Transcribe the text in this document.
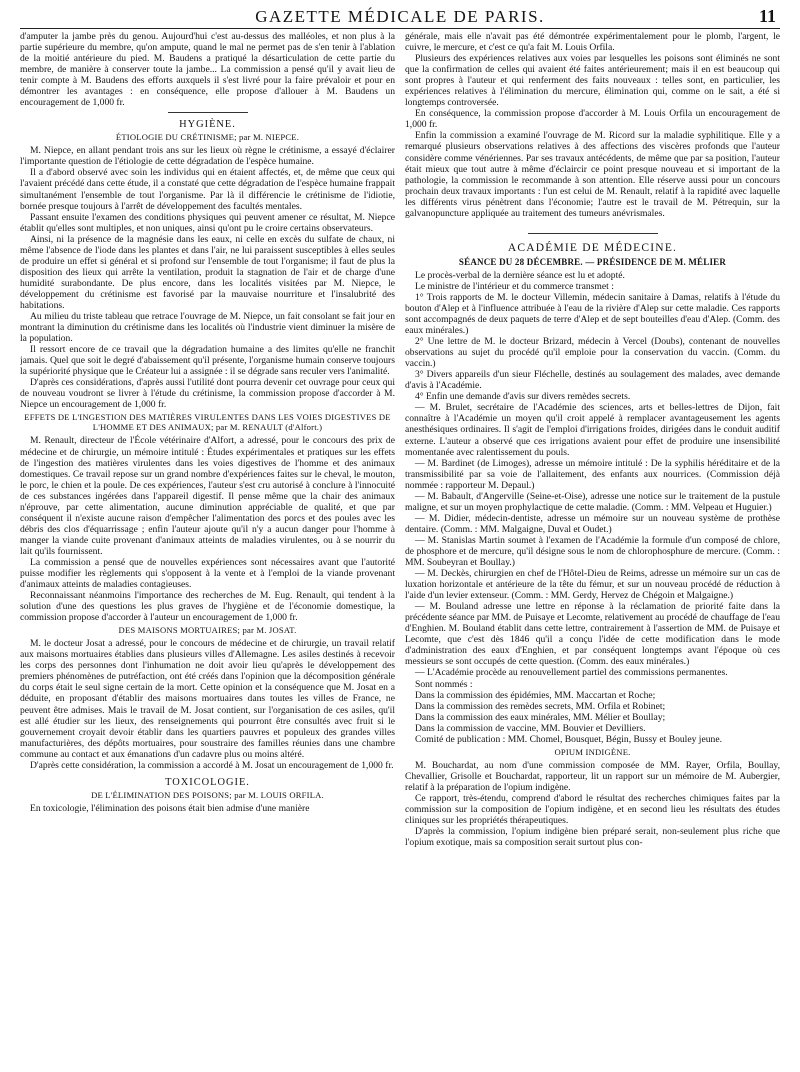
GAZETTE MÉDICALE DE PARIS.	11

d'amputer la jambe près du genou. Aujourd'hui c'est au-dessus des malléoles, et non plus à la partie supérieure du membre, qu'on ampute, quand le mal ne permet pas de s'en tenir à l'ablation de la moitié antérieure du pied. M. Baudens a pratiqué la désarticulation de cette partie du membre, de manière à conserver toute la jambe... La commission a pensé qu'il y avait lieu de tenir compte à M. Baudens des efforts auxquels il s'est livré pour la faire prévaloir et pour en démontrer les avantages : en conséquence, elle propose d'allouer à M. Baudens un encouragement de 1,000 fr.

HYGIÈNE.
ÉTIOLOGIE DU CRÉTINISME; par M. NIEPCE.

M. Niepce, en allant pendant trois ans sur les lieux où règne le crétinisme, a essayé d'éclairer l'importante question de l'étiologie de cette dégradation de l'espèce humaine.

Il a d'abord observé avec soin les individus qui en étaient affectés, et, de même que ceux qui l'avaient précédé dans cette étude, il a constaté que cette dégradation de l'espèce humaine frappait simultanément l'ensemble de tout l'organisme. Par là il différencie le crétinisme de l'idiotie, bornée presque toujours à l'arrêt de développement des facultés mentales.

Passant ensuite l'examen des conditions physiques qui peuvent amener ce résultat, M. Niepce établit qu'elles sont multiples, et non uniques, ainsi qu'ont pu le croire certains observateurs.

Ainsi, ni la présence de la magnésie dans les eaux, ni celle en excès du sulfate de chaux, ni même l'absence de l'iode dans les plantes et dans l'air, ne lui paraissent susceptibles à elles seules de produire un effet si général et si profond sur l'ensemble de tout l'organisme; il faut de plus la disposition des lieux qui arrête la ventilation, produit la stagnation de l'air et de charge d'une humidité surabondante. De plus encore, dans les localités visitées par M. Niepce, le développement du crétinisme est favorisé par la mauvaise nourriture et l'insalubrité des habitations.

Au milieu du triste tableau que retrace l'ouvrage de M. Niepce, un fait consolant se fait jour en montrant la diminution du crétinisme dans les localités où l'industrie vient diminuer la misère de la population.

Il ressort encore de ce travail que la dégradation humaine a des limites qu'elle ne franchit jamais. Quel que soit le degré d'abaissement qu'il présente, l'organisme humain conserve toujours la supériorité physique que le Créateur lui a assignée : il se dégrade sans reculer vers l'animalité.

D'après ces considérations, d'après aussi l'utilité dont pourra devenir cet ouvrage pour ceux qui de nouveau voudront se livrer à l'étude du crétinisme, la commission propose d'accorder à M. Niepce un encouragement de 1,000 fr.

EFFETS DE L'INGESTION DES MATIÈRES VIRULENTES DANS LES VOIES DIGESTIVES DE L'HOMME ET DES ANIMAUX; par M. RENAULT (d'Alfort.)

M. Renault, directeur de l'École vétérinaire d'Alfort, a adressé, pour le concours des prix de médecine et de chirurgie, un mémoire intitulé : Études expérimentales et pratiques sur les effets de l'ingestion des matières virulentes dans les voies digestives de l'homme et des animaux domestiques. Ce travail repose sur un grand nombre d'expériences faites sur le cheval, le mouton, le porc, le chien et la poule. De ces expériences, l'auteur s'est cru autorisé à conclure à l'innocuité de ces substances ingérées dans l'appareil digestif. Il pense même que la chair des animaux n'éprouve, par cette alimentation, aucune diminution appréciable de qualité, et que par conséquent il n'existe aucune raison d'empêcher l'alimentation des porcs et des poules avec les débris des clos d'équarrissage ; enfin l'auteur ajoute qu'il n'y a aucun danger pour l'homme à manger la viande cuite provenant d'animaux atteints de maladies virulentes, ou à se nourrir du lait qu'ils fournissent.

La commission a pensé que de nouvelles expériences sont nécessaires avant que l'autorité puisse modifier les règlements qui s'opposent à la vente et à l'emploi de la viande provenant d'animaux atteints de maladies contagieuses.

Reconnaissant néanmoins l'importance des recherches de M. Eug. Renault, qui tendent à la solution d'une des questions les plus graves de l'hygiène et de l'économie domestique, la commission propose d'accorder à l'auteur un encouragement de 1,000 fr.

DES MAISONS MORTUAIRES; par M. JOSAT.

M. le docteur Josat a adressé, pour le concours de médecine et de chirurgie, un travail relatif aux maisons mortuaires établies dans plusieurs villes d'Allemagne. Les asiles destinés à recevoir les corps des personnes dont l'inhumation ne doit avoir lieu qu'après le développement des premiers phénomènes de putréfaction, ont été créés dans l'opinion que la décomposition générale du corps était le seul signe certain de la mort. Cette opinion et la conséquence que M. Josat en a déduite, en proposant d'établir des maisons mortuaires dans toutes les villes de France, ne peuvent être admises. Mais le travail de M. Josat contient, sur l'organisation de ces asiles, qu'il est allé étudier sur les lieux, des renseignements qui pourront être consultés avec fruit si le gouvernement croyait devoir établir dans les quartiers pauvres et populeux des grandes villes manufacturières, des dépôts mortuaires, pour soustraire des familles réunies dans une chambre commune au contact et aux émanations d'un cadavre plus ou moins altéré.

D'après cette considération, la commission a accordé à M. Josat un encouragement de 1,000 fr.

TOXICOLOGIE.
DE L'ÉLIMINATION DES POISONS; par M. LOUIS ORFILA.

En toxicologie, l'élimination des poisons était bien admise d'une manière

générale, mais elle n'avait pas été démontrée expérimentalement pour le plomb, l'argent, le cuivre, le mercure, et c'est ce qu'a fait M. Louis Orfila.

Plusieurs des expériences relatives aux voies par lesquelles les poisons sont éliminés ne sont que la confirmation de celles qui avaient été faites antérieurement; mais il en est beaucoup qui sont propres à l'auteur et qui renferment des faits nouveaux : telles sont, en particulier, les expériences relatives à l'élimination du mercure, élimination qui, comme on le sait, a été si longtemps controversée.

En conséquence, la commission propose d'accorder à M. Louis Orfila un encouragement de 1,000 fr.

Enfin la commission a examiné l'ouvrage de M. Ricord sur la maladie syphilitique. Elle y a remarqué plusieurs observations relatives à des affections des viscères profonds que l'auteur considère comme vénériennes. Par ses travaux antécédents, de même que par sa position, l'auteur était mieux que tout autre à même d'éclaircir ce point presque nouveau et si important de la pathologie, la commission le recommande à son attention. Elle réserve aussi pour un concours prochain deux travaux importants : l'un est celui de M. Renault, relatif à la rapidité avec laquelle les différents virus pénètrent dans l'économie; l'autre est le travail de M. Pétrequin, sur la galvanopuncture appliquée au traitement des tumeurs anévrismales.

ACADÉMIE DE MÉDECINE.
SÉANCE DU 28 DÉCEMBRE. — PRÉSIDENCE DE M. MÉLIER

Le procès-verbal de la dernière séance est lu et adopté.

Le ministre de l'intérieur et du commerce transmet :

1° Trois rapports de M. le docteur Villemin, médecin sanitaire à Damas, relatifs à l'étude du bouton d'Alep et à l'influence attribuée à l'eau de la rivière d'Alep sur cette maladie. Ces rapports sont accompagnés de deux paquets de terre d'Alep et de sept bouteilles d'eau d'Alep. (Comm. des eaux minérales.)

2° Une lettre de M. le docteur Brizard, médecin à Vercel (Doubs), contenant de nouvelles observations au sujet du procédé qu'il emploie pour la conservation du vaccin. (Comm. du vaccin.)

3° Divers appareils d'un sieur Fléchelle, destinés au soulagement des malades, avec demande d'avis à l'Académie.

4° Enfin une demande d'avis sur divers remèdes secrets.

— M. Brulet, secrétaire de l'Académie des sciences, arts et belles-lettres de Dijon, fait connaître à l'Académie un moyen qu'il croit appelé à remplacer avantageusement les agents anesthésiques ordinaires. Il s'agit de l'emploi d'irrigations froides, dirigées dans le conduit auditif externe. L'auteur a observé que ces irrigations avaient pour effet de produire une insensibilité momentanée avec ralentissement du pouls.

— M. Bardinet (de Limoges), adresse un mémoire intitulé : De la syphilis héréditaire et de la transmissibilité par sa voie de l'allaitement, des enfants aux nourrices. (Commission déjà nommée : rapporteur M. Depaul.)

— M. Babault, d'Angerville (Seine-et-Oise), adresse une notice sur le traitement de la pustule maligne, et sur un moyen prophylactique de cette maladie. (Comm. : MM. Velpeau et Huguier.)

— M. Didier, médecin-dentiste, adresse un mémoire sur un nouveau système de prothèse dentaire. (Comm. : MM. Malgaigne, Duval et Oudet.)

— M. Stanislas Martin soumet à l'examen de l'Académie la formule d'un composé de chlore, de phosphore et de mercure, qu'il désigne sous le nom de chlorophosphure de mercure. (Comm. : MM. Soubeyran et Boullay.)

— M. Deckès, chirurgien en chef de l'Hôtel-Dieu de Reims, adresse un mémoire sur un cas de luxation horizontale et antérieure de la tête du fémur, et sur un nouveau procédé de réduction à l'aide d'un levier extenseur. (Comm. : MM. Gerdy, Hervez de Chégoin et Malgaigne.)

— M. Bouland adresse une lettre en réponse à la réclamation de priorité faite dans la précédente séance par MM. de Puisaye et Lecomte, relativement au procédé de chauffage de l'eau d'Enghien. M. Bouland établit dans cette lettre, contrairement à l'assertion de MM. de Puisaye et Lecomte, que c'est dès 1846 qu'il a conçu l'idée de cette modification dans le mode d'administration des eaux d'Enghien, et par conséquent longtemps avant l'époque où ces messieurs se sont occupés de cette question. (Comm. des eaux minérales.)

— L'Académie procède au renouvellement partiel des commissions permanentes.

Sont nommés :

Dans la commission des épidémies, MM. Maccartan et Roche;

Dans la commission des remèdes secrets, MM. Orfila et Robinet;

Dans la commission des eaux minérales, MM. Mélier et Boullay;

Dans la commission de vaccine, MM. Bouvier et Devilliers.

Comité de publication : MM. Chomel, Bousquet, Bégin, Bussy et Bouley jeune.

OPIUM INDIGÈNE.

M. Bouchardat, au nom d'une commission composée de MM. Rayer, Orfila, Boullay, Chevallier, Grisolle et Bouchardat, rapporteur, lit un rapport sur un mémoire de M. Aubergier, relatif à la préparation de l'opium indigène.

Ce rapport, très-étendu, comprend d'abord le résultat des recherches chimiques faites par la commission sur la composition de l'opium indigène, et en second lieu les résultats des études cliniques sur les propriétés thérapeutiques.

D'après la commission, l'opium indigène bien préparé serait, non-seulement plus riche que l'opium exotique, mais sa composition serait surtout plus con-
